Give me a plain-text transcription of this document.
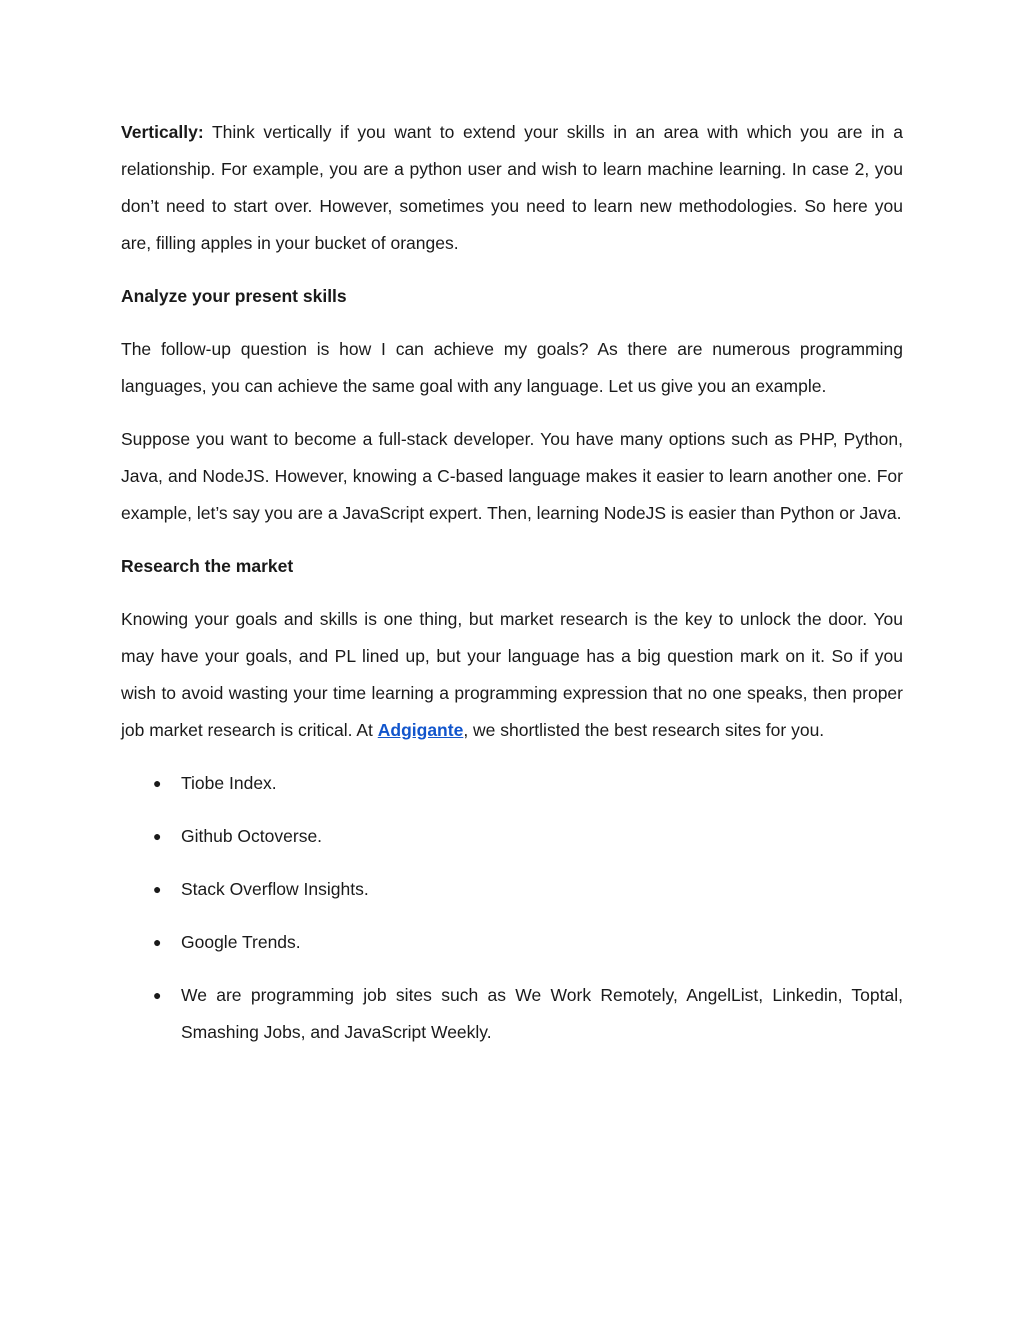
Vertically: Think vertically if you want to extend your skills in an area with which you are in a relationship. For example, you are a python user and wish to learn machine learning. In case 2, you don’t need to start over. However, sometimes you need to learn new methodologies. So here you are, filling apples in your bucket of oranges.

Analyze your present skills

The follow-up question is how I can achieve my goals? As there are numerous programming languages, you can achieve the same goal with any language. Let us give you an example.

Suppose you want to become a full-stack developer. You have many options such as PHP, Python, Java, and NodeJS. However, knowing a C-based language makes it easier to learn another one. For example, let’s say you are a JavaScript expert. Then, learning NodeJS is easier than Python or Java.

Research the market

Knowing your goals and skills is one thing, but market research is the key to unlock the door. You may have your goals, and PL lined up, but your language has a big question mark on it. So if you wish to avoid wasting your time learning a programming expression that no one speaks, then proper job market research is critical. At Adgigante, we shortlisted the best research sites for you.

● Tiobe Index.
● Github Octoverse.
● Stack Overflow Insights.
● Google Trends.
● We are programming job sites such as We Work Remotely, AngelList, Linkedin, Toptal, Smashing Jobs, and JavaScript Weekly.
